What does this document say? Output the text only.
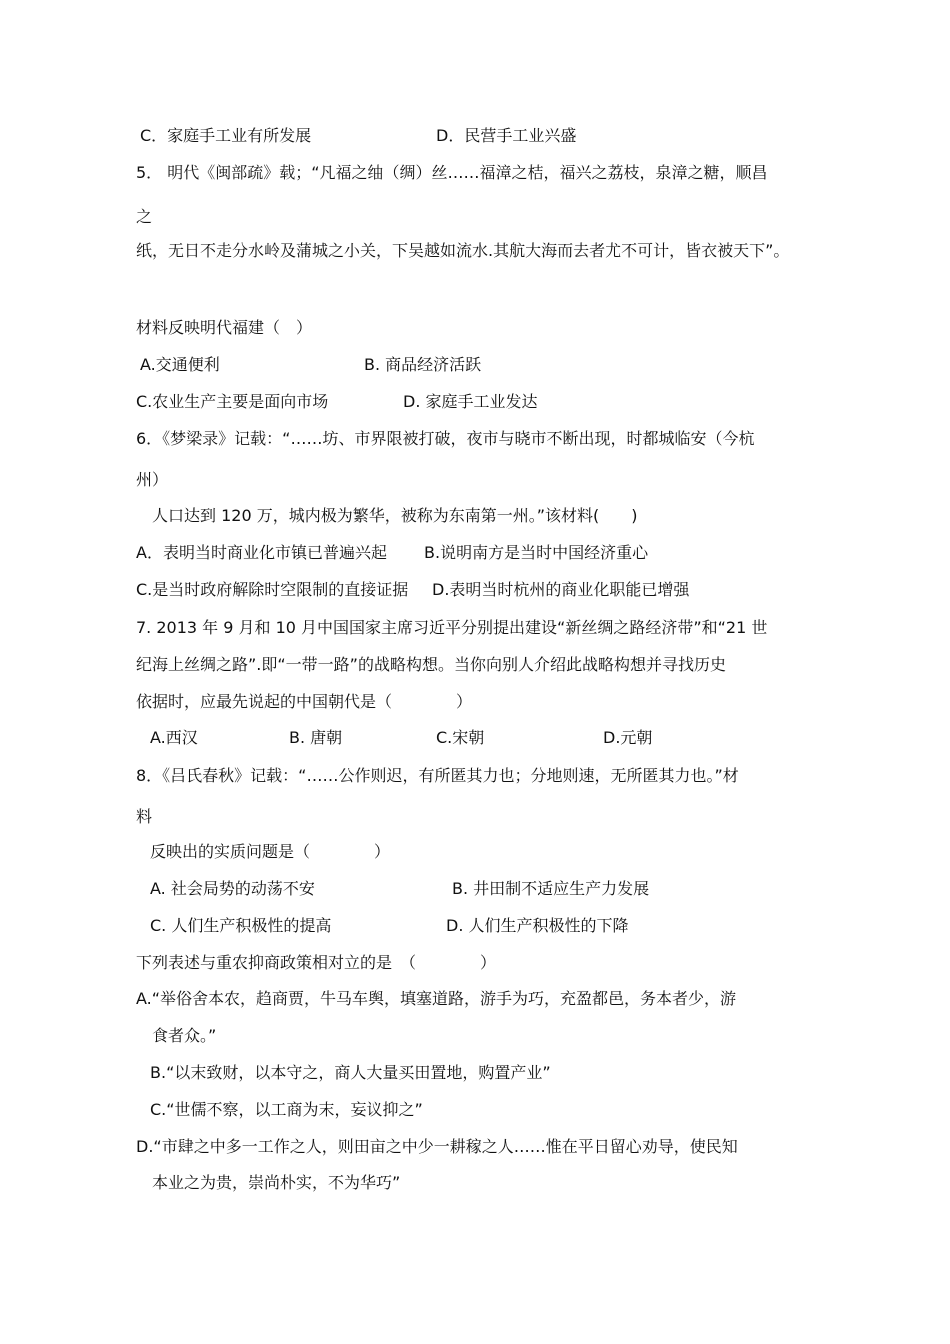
C．家庭手工业有所发展	D．民营手工业兴盛
5． 明代《闽部疏》载；“凡福之䌷（绸）丝……福漳之桔，福兴之荔枝，泉漳之糖，顺昌
之
纸，无日不走分水岭及蒲城之小关，下吴越如流水.其航大海而去者尤不可计，皆衣被天下”。
材料反映明代福建（　）
A.交通便利	B. 商品经济活跃
C.农业生产主要是面向市场	D. 家庭手工业发达
6．《梦梁录》记载：“……坊、市界限被打破，夜市与晓市不断出现，时都城临安（今杭
州）
人口达到 120 万，城内极为繁华，被称为东南第一州。”该材料(　　)
A．表明当时商业化市镇已普遍兴起 B.说明南方是当时中国经济重心
C.是当时政府解除时空限制的直接证据 D.表明当时杭州的商业化职能已增强
7. 2013 年 9 月和 10 月中国国家主席习近平分别提出建设“新丝绸之路经济带”和“21 世
纪海上丝绸之路”.即“一带一路”的战略构想。当你向别人介绍此战略构想并寻找历史
依据时，应最先说起的中国朝代是（　　　　）
A.西汉	B. 唐朝	C.宋朝	D.元朝
8．《吕氏春秋》记载：“……公作则迟，有所匿其力也；分地则速，无所匿其力也。”材
料
反映出的实质问题是（　　　　）
A. 社会局势的动荡不安	B. 井田制不适应生产力发展
C. 人们生产积极性的提高	D. 人们生产积极性的下降
下列表述与重农抑商政策相对立的是　（　　　　）
A.“举俗舍本农，趋商贾，牛马车舆，填塞道路，游手为巧，充盈都邑，务本者少，游
食者众。”
B.“以末致财，以本守之，商人大量买田置地，购置产业”
C.“世儒不察，以工商为末，妄议抑之”
D.“市肆之中多一工作之人，则田亩之中少一耕稼之人……惟在平日留心劝导，使民知
本业之为贵，崇尚朴实，不为华巧”
